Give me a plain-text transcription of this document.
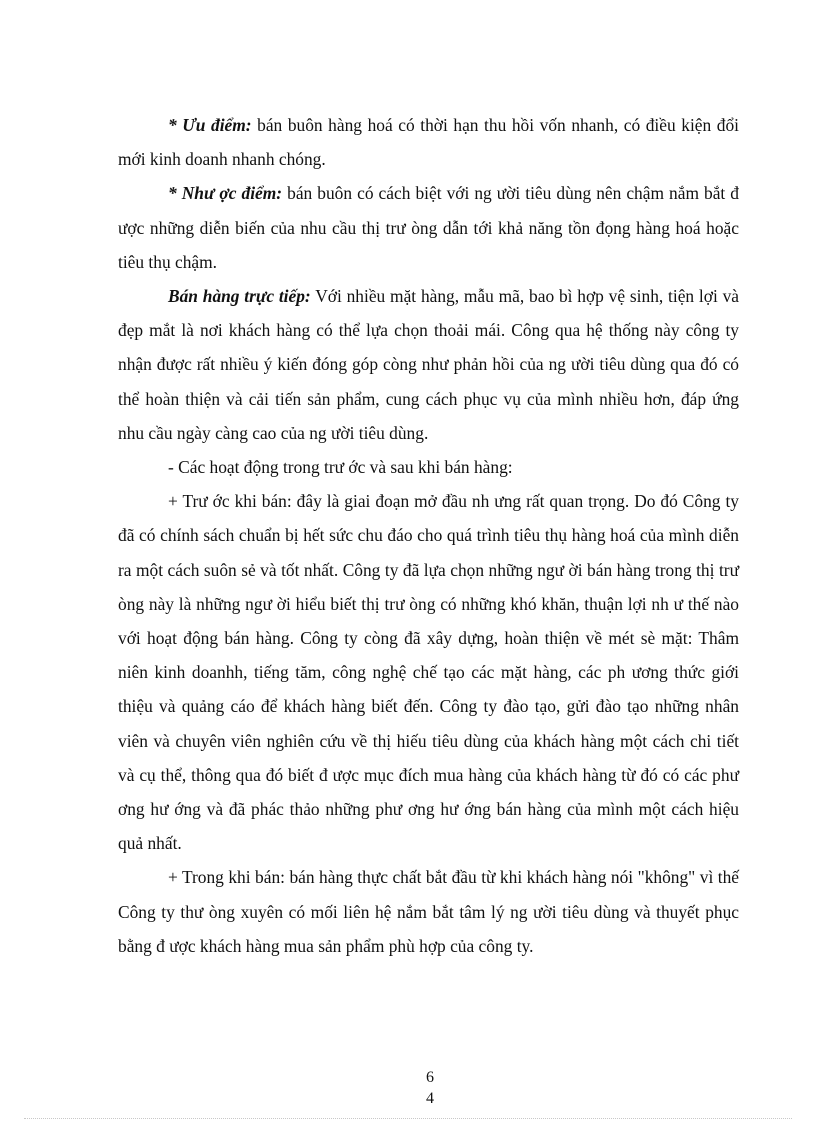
* Ưu điểm: bán buôn hàng hoá có thời hạn thu hồi vốn nhanh, có điều kiện đổi mới kinh doanh nhanh chóng.

* Như ợc điểm: bán buôn có cách biệt với ng ười tiêu dùng nên chậm nắm bắt đ ược những diễn biến của nhu cầu thị trư òng dẫn tới khả năng tồn đọng hàng hoá hoặc tiêu thụ chậm.

Bán hàng trực tiếp: Với nhiều mặt hàng, mẫu mã, bao bì hợp vệ sinh, tiện lợi và đẹp mắt là nơi khách hàng có thể lựa chọn thoải mái. Công qua hệ thống này công ty nhận được rất nhiều ý kiến đóng góp còng như phản hồi của ng ười tiêu dùng qua đó có thể hoàn thiện và cải tiến sản phẩm, cung cách phục vụ của mình nhiều hơn, đáp ứng nhu cầu ngày càng cao của ng ười tiêu dùng.

- Các hoạt động trong trư ớc và sau khi bán hàng:

+ Trư ớc khi bán: đây là giai đoạn mở đầu nh ưng rất quan trọng. Do đó Công ty đã có chính sách chuẩn bị hết sức chu đáo cho quá trình tiêu thụ hàng hoá của mình diễn ra một cách suôn sẻ và tốt nhất. Công ty đã lựa chọn những ngư ời bán hàng trong thị trư òng này là những ngư ời hiểu biết thị trư òng có những khó khăn, thuận lợi nh ư thế nào với hoạt động bán hàng. Công ty còng đã xây dựng, hoàn thiện về mét sè mặt: Thâm niên kinh doanhh, tiếng tăm, công nghệ chế tạo các mặt hàng, các ph ương thức giới thiệu và quảng cáo để khách hàng biết đến. Công ty đào tạo, gửi đào tạo những nhân viên và chuyên viên nghiên cứu về thị hiếu tiêu dùng của khách hàng một cách chi tiết và cụ thể, thông qua đó biết đ ược mục đích mua hàng của khách hàng từ đó có các phư ơng hư ớng và đã phác thảo những phư ơng hư ớng bán hàng của mình một cách hiệu quả nhất.

+ Trong khi bán: bán hàng thực chất bắt đầu từ khi khách hàng nói "không" vì thế Công ty thư òng xuyên có mối liên hệ nắm bắt tâm lý ng ười tiêu dùng và thuyết phục bằng đ ược khách hàng mua sản phẩm phù hợp của công ty.

6
4
